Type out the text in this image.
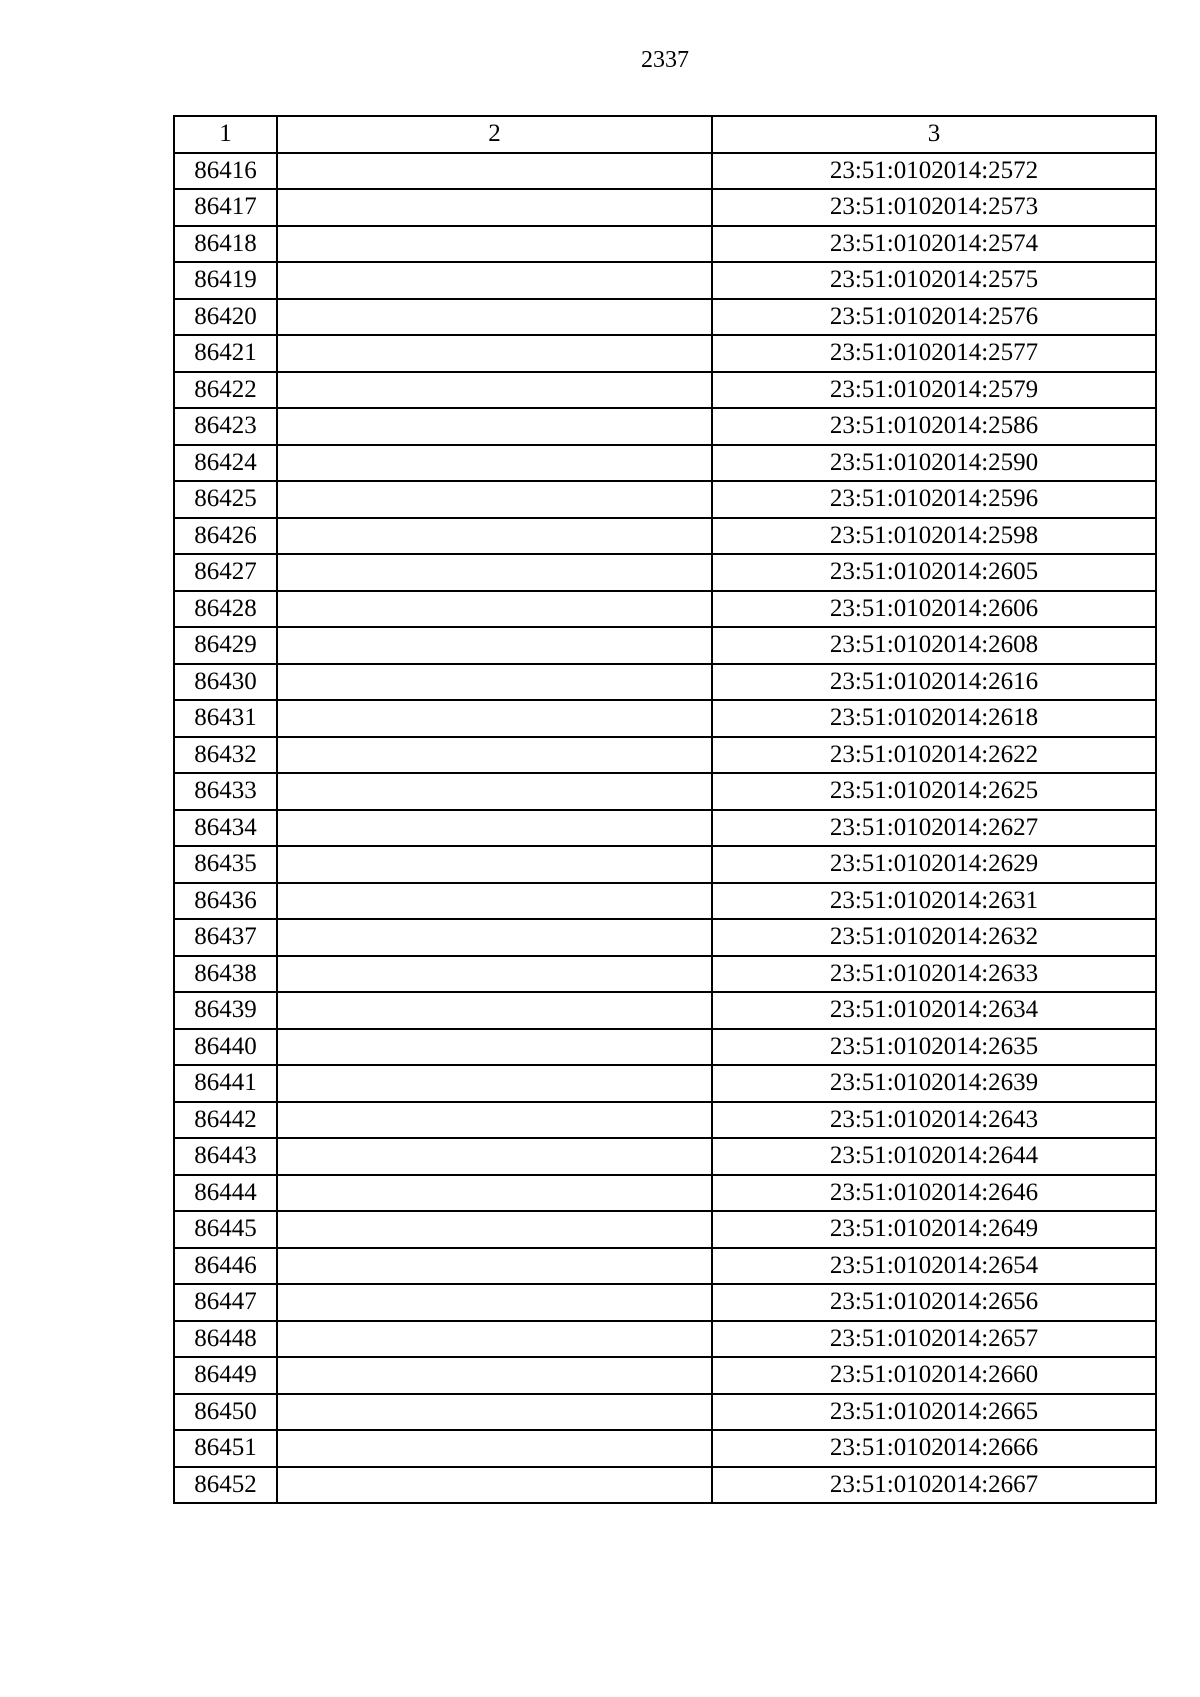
2337
1	2	3
86416		23:51:0102014:2572
86417		23:51:0102014:2573
86418		23:51:0102014:2574
86419		23:51:0102014:2575
86420		23:51:0102014:2576
86421		23:51:0102014:2577
86422		23:51:0102014:2579
86423		23:51:0102014:2586
86424		23:51:0102014:2590
86425		23:51:0102014:2596
86426		23:51:0102014:2598
86427		23:51:0102014:2605
86428		23:51:0102014:2606
86429		23:51:0102014:2608
86430		23:51:0102014:2616
86431		23:51:0102014:2618
86432		23:51:0102014:2622
86433		23:51:0102014:2625
86434		23:51:0102014:2627
86435		23:51:0102014:2629
86436		23:51:0102014:2631
86437		23:51:0102014:2632
86438		23:51:0102014:2633
86439		23:51:0102014:2634
86440		23:51:0102014:2635
86441		23:51:0102014:2639
86442		23:51:0102014:2643
86443		23:51:0102014:2644
86444		23:51:0102014:2646
86445		23:51:0102014:2649
86446		23:51:0102014:2654
86447		23:51:0102014:2656
86448		23:51:0102014:2657
86449		23:51:0102014:2660
86450		23:51:0102014:2665
86451		23:51:0102014:2666
86452		23:51:0102014:2667
